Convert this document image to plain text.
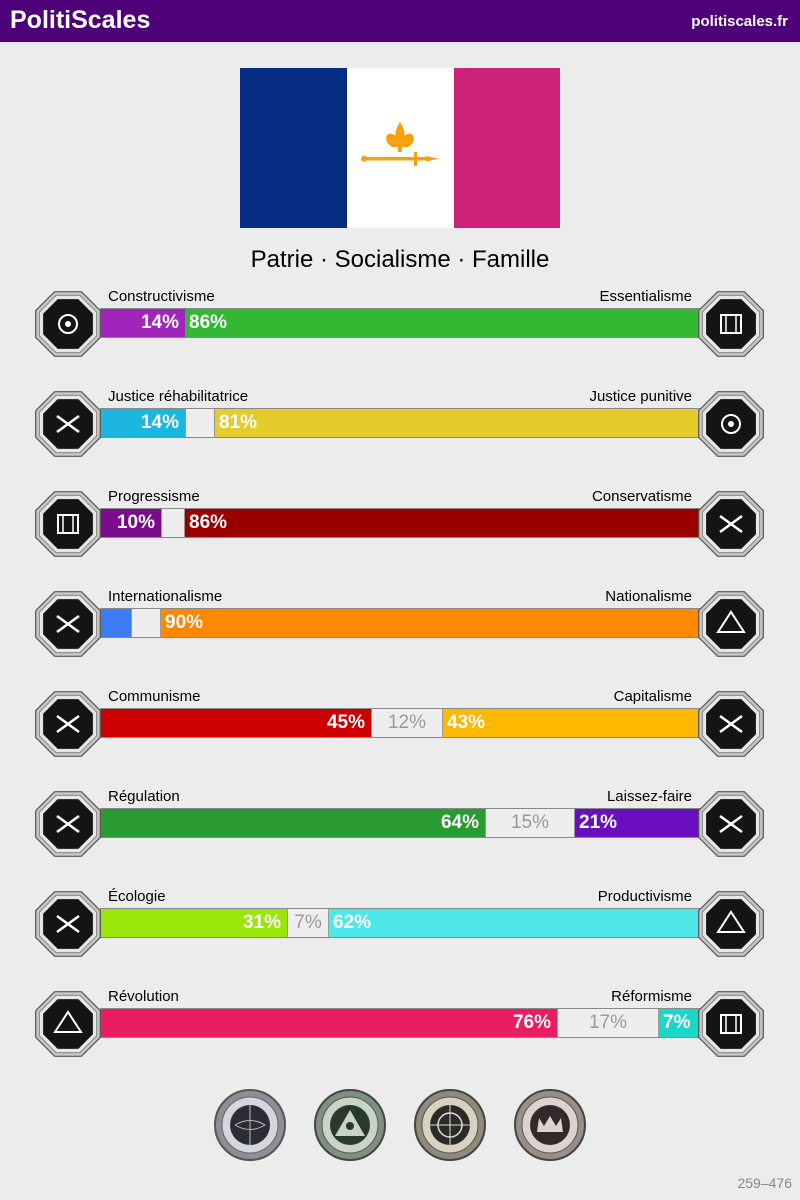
PolitiScales	politiscales.fr
Patrie · Socialisme · Famille
Constructivisme	Essentialisme
14% 86%
Justice réhabilitatrice	Justice punitive
14%	81%
Progressisme	Conservatisme
10%	86%
Internationalisme	Nationalisme
90%
Communisme	Capitalisme
45%	12% 43%
Régulation	Laissez-faire
64%	15% 21%
Écologie	Productivisme
31% 7% 62%
Révolution	Réformisme
76%	17% 7%
259–476
